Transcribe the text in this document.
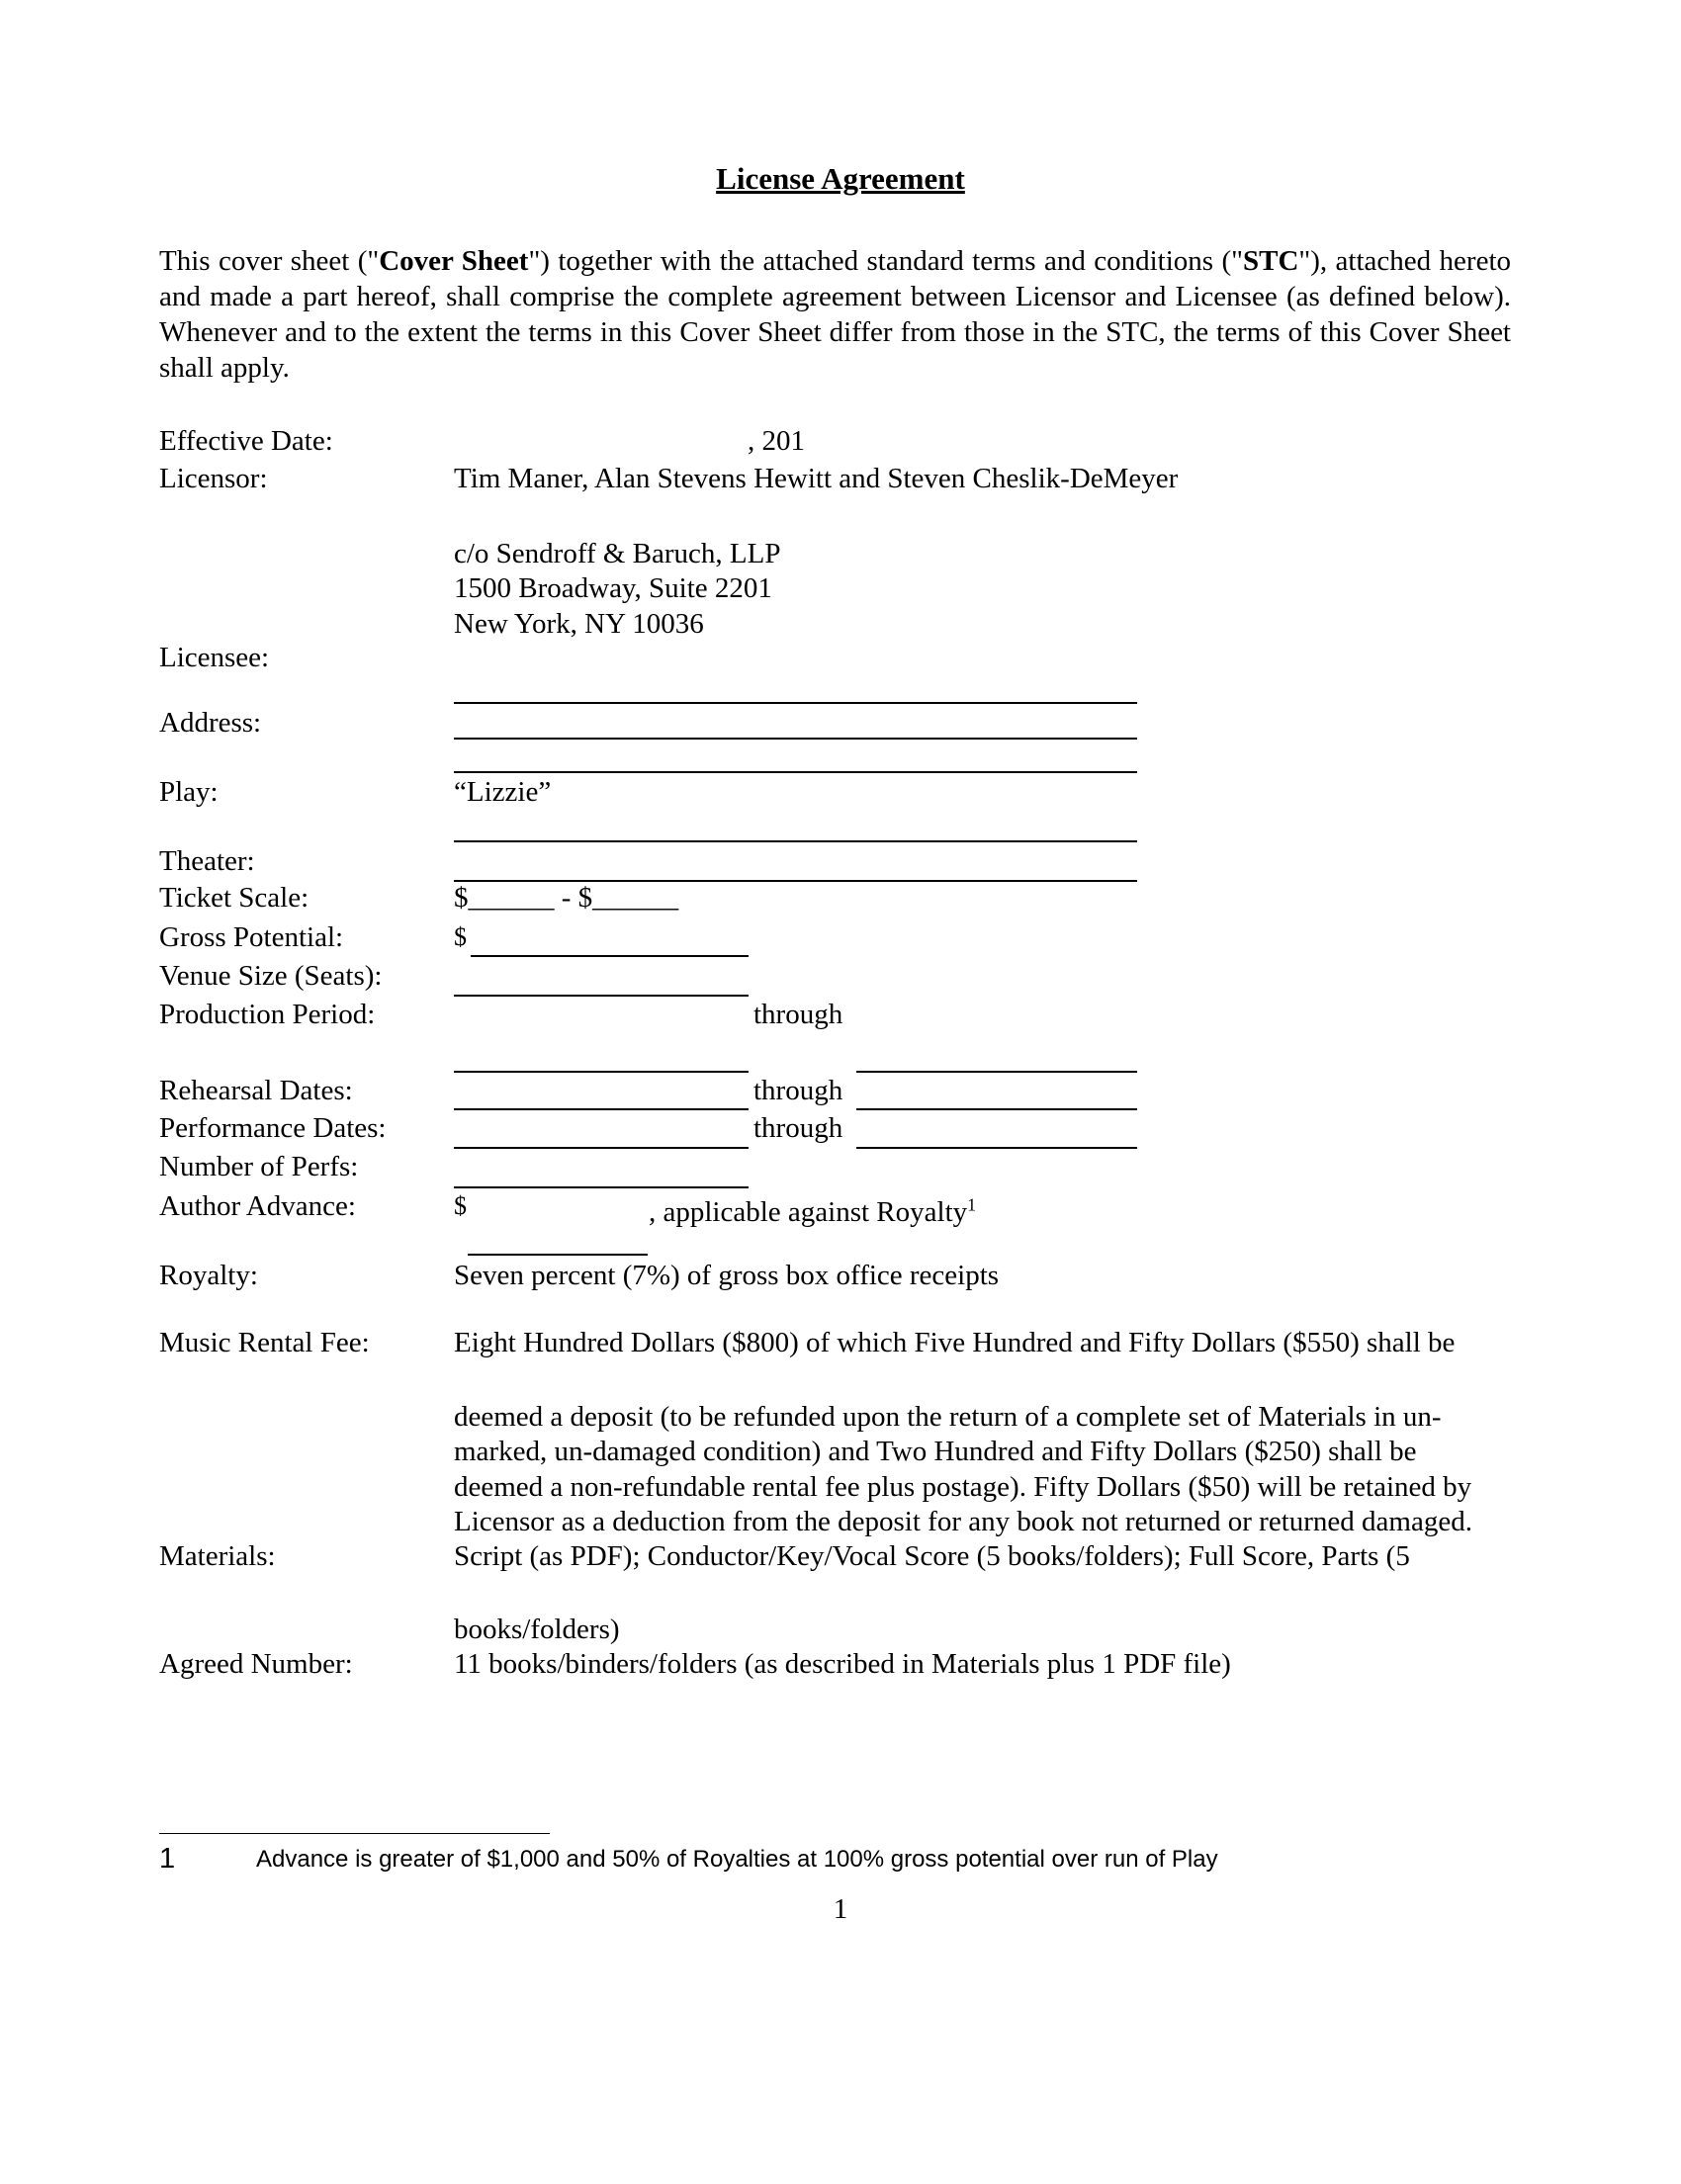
License Agreement
This cover sheet ("Cover Sheet") together with the attached standard terms and conditions ("STC"), attached hereto and made a part hereof, shall comprise the complete agreement between Licensor and Licensee (as defined below). Whenever and to the extent the terms in this Cover Sheet differ from those in the STC, the terms of this Cover Sheet shall apply.
Effective Date:	, 201
Licensor:	Tim Maner, Alan Stevens Hewitt and Steven Cheslik-DeMeyer
c/o Sendroff & Baruch, LLP
1500 Broadway, Suite 2201
New York, NY 10036
Licensee:
Address:
Play:	“Lizzie”
Theater:
Ticket Scale:	$______ - $______
Gross Potential:	$
Venue Size (Seats):
Production Period:	through
Rehearsal Dates:	through
Performance Dates:	through
Number of Perfs:
Author Advance:	$	, applicable against Royalty$^1$
Royalty:	Seven percent (7%) of gross box office receipts
Music Rental Fee:	Eight Hundred Dollars ($800) of which Five Hundred and Fifty Dollars ($550) shall be
deemed a deposit (to be refunded upon the return of a complete set of Materials in un-
marked, un-damaged condition) and Two Hundred and Fifty Dollars ($250) shall be
deemed a non-refundable rental fee plus postage). Fifty Dollars ($50) will be retained by
Licensor as a deduction from the deposit for any book not returned or returned damaged.
Materials:	Script (as PDF); Conductor/Key/Vocal Score (5 books/folders); Full Score, Parts (5
books/folders)
Agreed Number:	11 books/binders/folders (as described in Materials plus 1 PDF file)
1	Advance is greater of $1,000 and 50% of Royalties at 100% gross potential over run of Play
1
